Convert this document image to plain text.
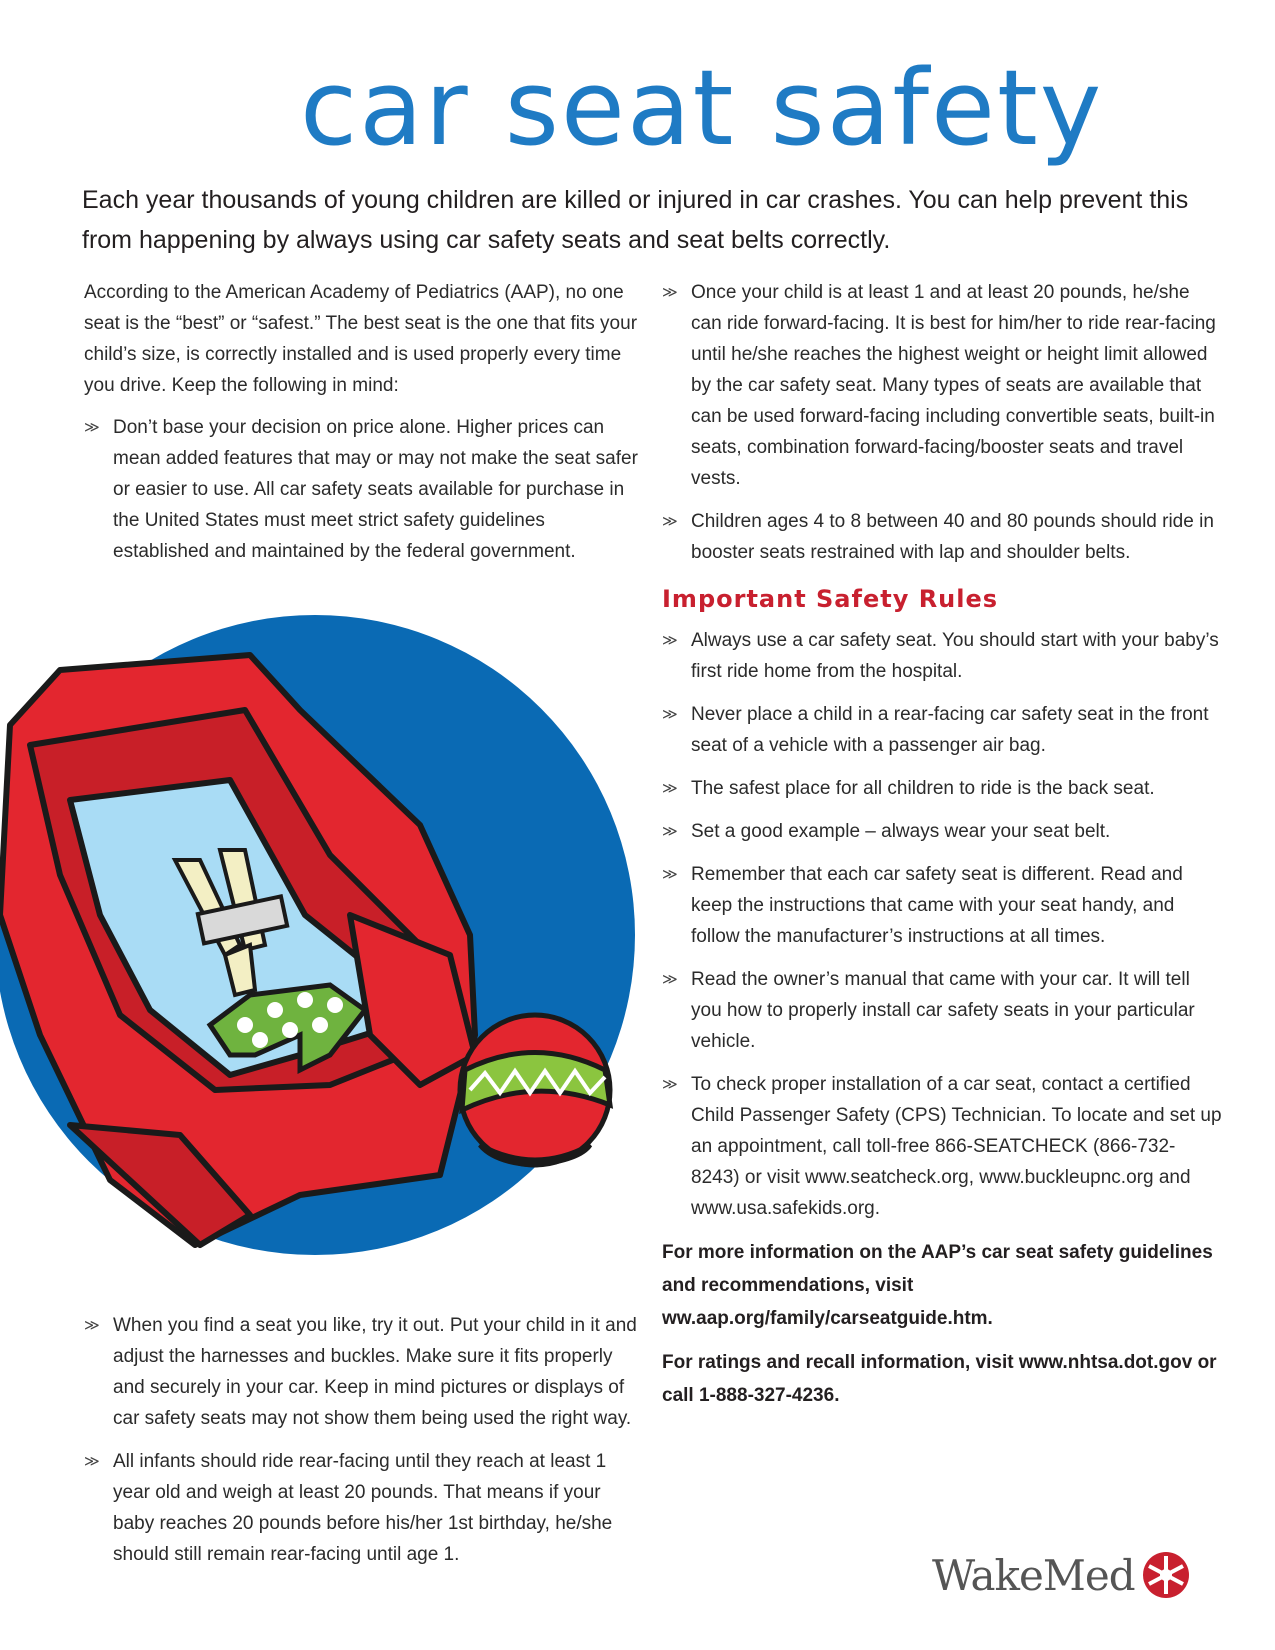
car seat safety

Each year thousands of young children are killed or injured in car crashes. You can help prevent this from happening by always using car safety seats and seat belts correctly.

According to the American Academy of Pediatrics (AAP), no one seat is the “best” or “safest.” The best seat is the one that fits your child’s size, is correctly installed and is used properly every time you drive. Keep the following in mind:

≫ Don’t base your decision on price alone. Higher prices can mean added features that may or may not make the seat safer or easier to use. All car safety seats available for purchase in the United States must meet strict safety guidelines established and maintained by the federal government.
≫ When you find a seat you like, try it out. Put your child in it and adjust the harnesses and buckles. Make sure it fits properly and securely in your car. Keep in mind pictures or displays of car safety seats may not show them being used the right way.
≫ All infants should ride rear-facing until they reach at least 1 year old and weigh at least 20 pounds. That means if your baby reaches 20 pounds before his/her 1st birthday, he/she should still remain rear-facing until age 1.
≫ Once your child is at least 1 and at least 20 pounds, he/she can ride forward-facing. It is best for him/her to ride rear-facing until he/she reaches the highest weight or height limit allowed by the car safety seat. Many types of seats are available that can be used forward-facing including convertible seats, built-in seats, combination forward-facing/booster seats and travel vests.
≫ Children ages 4 to 8 between 40 and 80 pounds should ride in booster seats restrained with lap and shoulder belts.
Important Safety Rules
≫ Always use a car safety seat. You should start with your baby’s first ride home from the hospital.
≫ Never place a child in a rear-facing car safety seat in the front seat of a vehicle with a passenger air bag.
≫ The safest place for all children to ride is the back seat.
≫ Set a good example – always wear your seat belt.
≫ Remember that each car safety seat is different. Read and keep the instructions that came with your seat handy, and follow the manufacturer’s instructions at all times.
≫ Read the owner’s manual that came with your car. It will tell you how to properly install car safety seats in your particular vehicle.
≫ To check proper installation of a car seat, contact a certified Child Passenger Safety (CPS) Technician. To locate and set up an appointment, call toll-free 866-SEATCHECK (866-732-8243) or visit www.seatcheck.org, www.buckleupnc.org and www.usa.safekids.org.

For more information on the AAP’s car seat safety guidelines and recommendations, visit ww.aap.org/family/carseatguide.htm.

For ratings and recall information, visit www.nhtsa.dot.gov or call 1-888-327-4236.

WakeMed
